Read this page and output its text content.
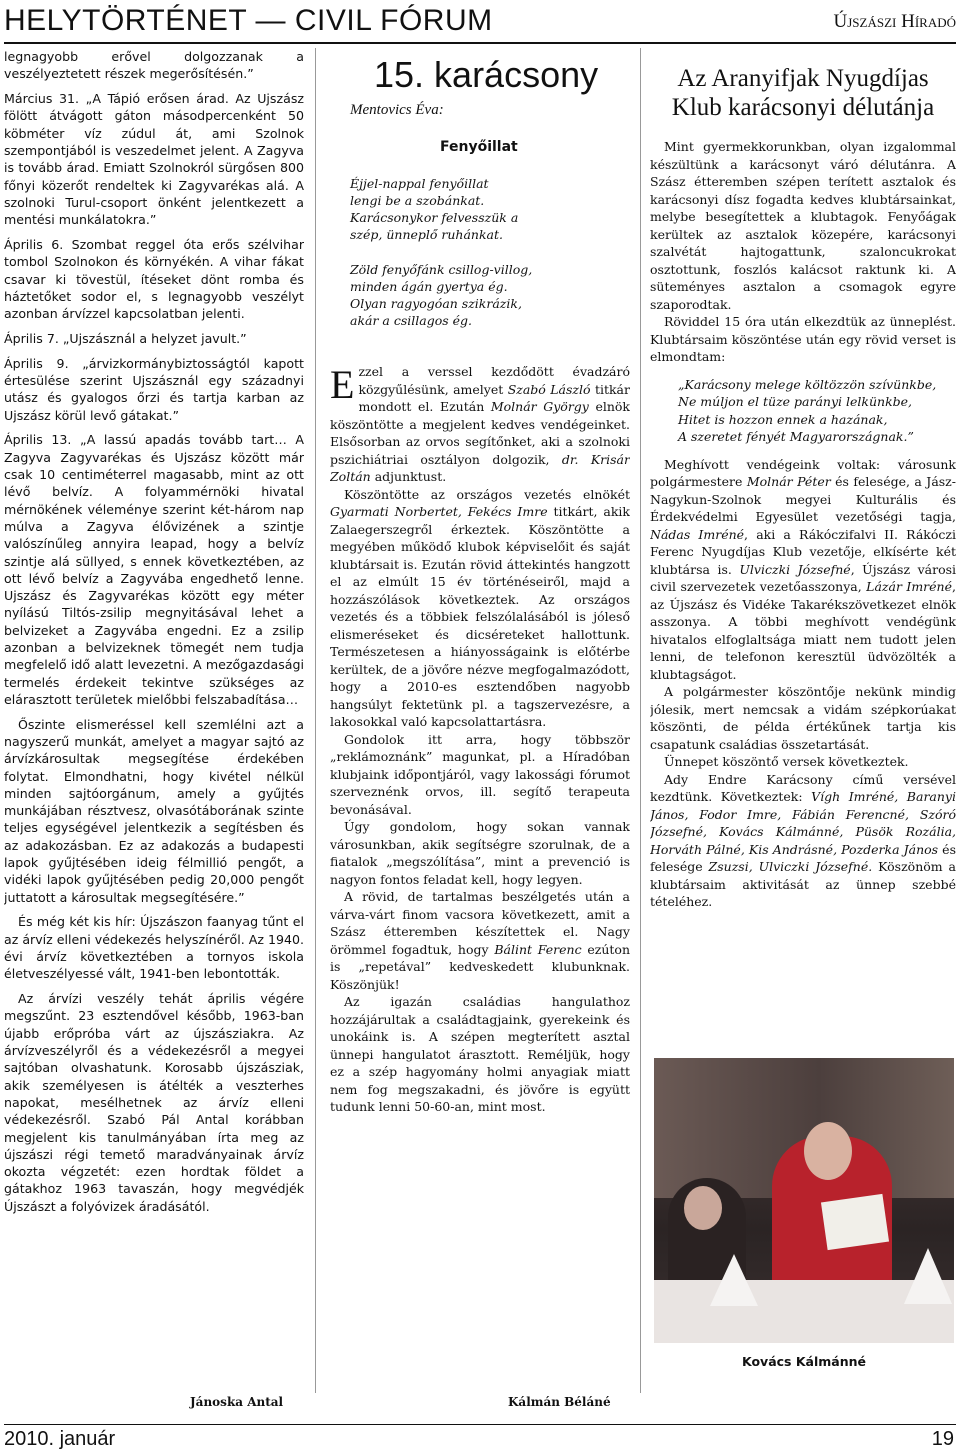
HELYTÖRTÉNET — CIVIL FÓRUM	Újszászi Híradó

legnagyobb erővel dolgozzanak a veszélyeztetett részek megerősítésén.”

Március 31. „A Tápió erősen árad. Az Ujszász fölött átvágott gáton másodpercenként 50 köbméter víz zúdul át, ami Szolnok szempontjából is veszedelmet jelent. A Zagyva is tovább árad. Emiatt Szolnokról sürgősen 800 főnyi közerőt rendeltek ki Zagyvarékas alá. A szolnoki Turul-csoport önként jelentkezett a mentési munkálatokra.”

Április 6. Szombat reggel óta erős szélvihar tombol Szolnokon és környékén. A vihar fákat csavar ki tövestül, ítéseket dönt romba és háztetőket sodor el, s legnagyobb veszélyt azonban árvízzel kapcsolatban jelenti.

Április 7. „Ujszásznál a helyzet javult.”

Április 9. „árvizkormánybiztosságtól kapott értesülése szerint Ujszásznál egy századnyi utász és gyalogos őrzi és tartja karban az Ujszász körül levő gátakat.”

Április 13. „A lassú apadás tovább tart… A Zagyva Zagyvarékas és Ujszász között már csak 10 centiméterrel magasabb, mint az ott lévő belvíz. A folyammérnöki hivatal mérnökének véleménye szerint két-három nap múlva a Zagyva élővizének a szintje valószínűleg annyira leapad, hogy a belvíz szintje alá süllyed, s ennek következtében, az ott lévő belvíz a Zagyvába engedhető lenne. Ujszász és Zagyvarékas között egy méter nyílású Tiltós-zsilip megnyitásával lehet a belvizeket a Zagyvába engedni. Ez a zsilip azonban a belvizeknek tömegét nem tudja megfelelő idő alatt levezetni. A mezőgazdasági termelés érdekeit tekintve szükséges az elárasztott területek mielőbbi felszabadítása…

Őszinte elismeréssel kell szemlélni azt a nagyszerű munkát, amelyet a magyar sajtó az árvízkárosultak megsegítése érdekében folytat. Elmondhatni, hogy kivétel nélkül minden sajtóorgánum, amely a gyűjtés munkájában résztvesz, olvasótáborának szinte teljes egységével jelentkezik a segítésben és az adakozásban. Ez az adakozás a budapesti lapok gyűjtésében ideig félmillió pengőt, a vidéki lapok gyűjtésében pedig 20,000 pengőt juttatott a károsultak megsegítésére.”

És még két kis hír: Újszászon faanyag tűnt el az árvíz elleni védekezés helyszínéről. Az 1940. évi árvíz következtében a tornyos iskola életveszélyessé vált, 1941-ben lebontották.

Az árvízi veszély tehát április végére megszűnt. 23 esztendővel később, 1963-ban újabb erőpróba várt az újszásziakra. Az árvízveszélyről és a védekezésről a megyei sajtóban olvashatunk. Korosabb újszásziak, akik személyesen is átélték a veszterhes napokat, mesélhetnek az árvíz elleni védekezésről. Szabó Pál Antal korábban megjelent kis tanulmányában írta meg az újszászi régi temető maradványainak árvíz okozta végzetét: ezen hordtak földet a gátakhoz 1963 tavaszán, hogy megvédjék Újszászt a folyóvizek áradásától.

Jánoska Antal
15. karácsony
Mentovics Éva:
Fenyőillat
Éjjel-nappal fenyőillat
lengi be a szobánkat.
Karácsonykor felvesszük a
szép, ünneplő ruhánkat.
Zöld fenyőfánk csillog-villog,
minden ágán gyertya ég.
Olyan ragyogóan szikrázik,
akár a csillagos ég.

Ezzel a verssel kezdődött évadzáró közgyűlésünk, amelyet Szabó László titkár mondott el. Ezután Molnár György elnök köszöntötte a megjelent kedves vendégeinket. Elsősorban az orvos segítőnket, aki a szolnoki pszichiátriai osztályon dolgozik, dr. Krisár Zoltán adjunktust.

Köszöntötte az országos vezetés elnökét Gyarmati Norbertet, Fekécs Imre titkárt, akik Zalaegerszegről érkeztek. Köszöntötte a megyében működő klubok képviselőit és saját klubtársait is. Ezután rövid áttekintés hangzott el az elmúlt 15 év történéseiről, majd a hozzászólások következtek. Az országos vezetés és a többiek felszólalásából is jóleső elismeréseket és dicséreteket hallottunk. Természetesen a hiányosságaink is előtérbe kerültek, de a jövőre nézve megfogalmazódott, hogy a 2010-es esztendőben nagyobb hangsúlyt fektetünk pl. a tagszervezésre, a lakosokkal való kapcsolattartásra.

Gondolok itt arra, hogy többször „reklámoznánk” magunkat, pl. a Híradóban klubjaink időpontjáról, vagy lakossági fórumot szerveznénk orvos, ill. segítő terapeuta bevonásával.

Úgy gondolom, hogy sokan vannak városunkban, akik segítségre szorulnak, de a fiatalok „megszólítása”, mint a prevenció is nagyon fontos feladat kell, hogy legyen.

A rövid, de tartalmas beszélgetés után a várva-várt finom vacsora következett, amit a Szász étteremben készítettek el. Nagy örömmel fogadtuk, hogy Bálint Ferenc ezúton is „repetával” kedveskedett klubunknak. Köszönjük!

Az igazán családias hangulathoz hozzájárultak a családtagjaink, gyerekeink és unokáink is. A szépen megterített asztal ünnepi hangulatot árasztott. Reméljük, hogy ez a szép hagyomány holmi anyagiak miatt nem fog megszakadni, és jövőre is együtt tudunk lenni 50-60-an, mint most.

Kálmán Béláné
Az Aranyifjak Nyugdíjas Klub karácsonyi délutánja

Mint gyermekkorunkban, olyan izgalommal készültünk a karácsonyt váró délutánra. A Szász étteremben szépen terített asztalok és karácsonyi dísz fogadta kedves klubtársainkat, melybe besegítettek a klubtagok. Fenyőágak kerültek az asztalok közepére, karácsonyi szalvétát hajtogattunk, szaloncukrokat osztottunk, foszlós kalácsot raktunk ki. A süteményes asztalon a csomagok egyre szaporodtak.

Röviddel 15 óra után elkezdtük az ünneplést. Klubtársaim köszöntése után egy rövid verset is elmondtam:

„Karácsony melege költözzön szívünkbe,
Ne múljon el tüze parányi lelkünkbe,
Hitet is hozzon ennek a hazának,
A szeretet fényét Magyarországnak.”

Meghívott vendégeink voltak: városunk polgármestere Molnár Péter és felesége, a Jász-Nagykun-Szolnok megyei Kulturális és Érdekvédelmi Egyesület vezetőségi tagja, Nádas Imréné, aki a Rákóczifalvi II. Rákóczi Ferenc Nyugdíjas Klub vezetője, elkísérte két klubtársa is. Ulviczki Józsefné, Újszász városi civil szervezetek vezetőasszonya, Lázár Imréné, az Újszász és Vidéke Takarékszövetkezet elnök asszonya. A többi meghívott vendégünk hivatalos elfoglaltsága miatt nem tudott jelen lenni, de telefonon keresztül üdvözölték a klubtagságot.

A polgármester köszöntője nekünk mindig jólesik, mert nemcsak a vidám szépkorúakat köszönti, de példa értékűnek tartja kis csapatunk családias összetartását.

Ünnepet köszöntő versek következtek.

Ady Endre Karácsony című versével kezdtünk. Következtek: Vígh Imréné, Baranyi János, Fodor Imre, Fábián Ferencné, Szóró Józsefné, Kovács Kálmánné, Püsök Rozália, Horváth Pálné, Kis Andrásné, Pozderka János és felesége Zsuzsi, Ulviczki Józsefné. Köszönöm a klubtársaim aktivitását az ünnep szebbé tételéhez.

Kovács Kálmánné
2010. január	19
